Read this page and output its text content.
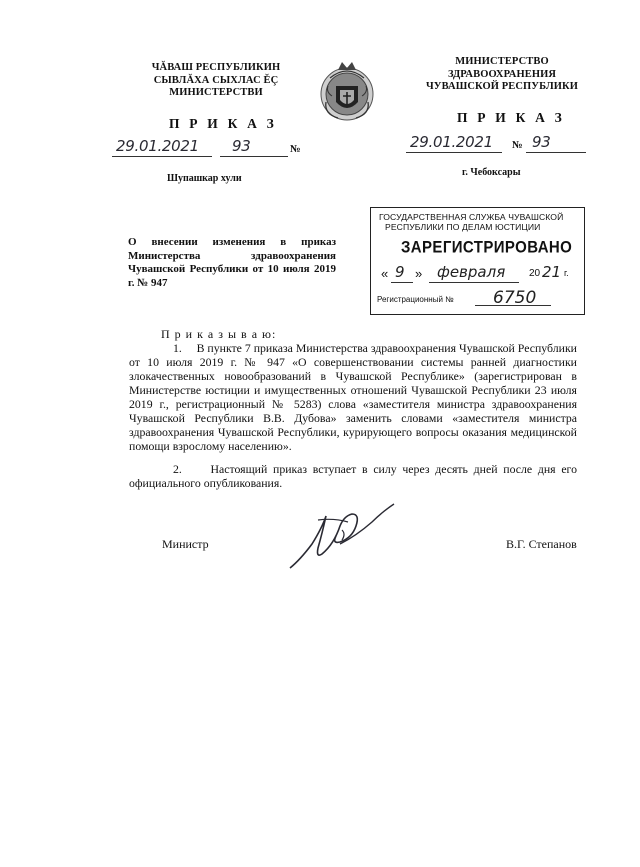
ЧĂВАШ РЕСПУБЛИКИН
СЫВЛĂХА СЫХЛАС ĔÇ
МИНИСТЕРСТВИ
МИНИСТЕРСТВО
ЗДРАВООХРАНЕНИЯ
ЧУВАШСКОЙ РЕСПУБЛИКИ
П Р И К А З
29.01.2021 93	№
Шупашкар хули
П Р И К А З
29.01.2021 № 93
г. Чебоксары
ГОСУДАРСТВЕННАЯ СЛУЖБА ЧУВАШСКОЙ
РЕСПУБЛИКИ ПО ДЕЛАМ ЮСТИЦИИ
ЗАРЕГИСТРИРОВАНО
« 9 » февраля 20 21 г.
Регистрационный № 6750
О внесении изменения в приказ Министерства здравоохранения Чувашской Республики от 10 июля 2019 г. № 947
П р и к а з ы в а ю:
1.     В пункте 7 приказа Министерства здравоохранения Чувашской Республики от 10 июля 2019 г. № 947 «О совершенствовании системы ранней диагностики злокачественных новообразований в Чувашской Республике» (зарегистрирован в Министерстве юстиции и имущественных отношений Чувашской Республики 23 июля 2019 г., регистрационный № 5283) слова «заместителя министра здравоохранения Чувашской Республики В.В. Дубова» заменить словами «заместителя министра здравоохранения Чувашской Республики, курирующего вопросы оказания медицинской помощи взрослому населению».
2.     Настоящий приказ вступает в силу через десять дней после дня его официального опубликования.
Министр	В.Г. Степанов
